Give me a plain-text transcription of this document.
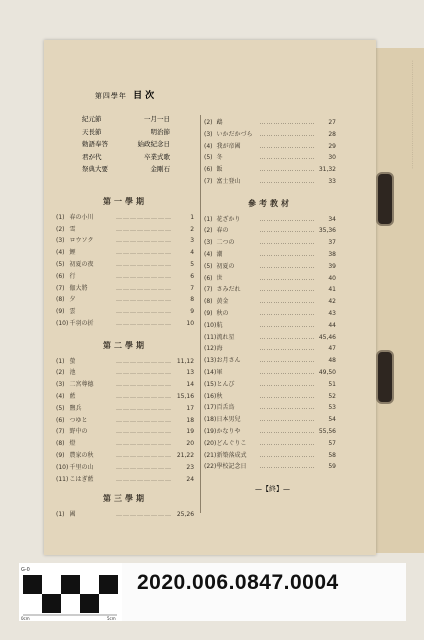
.................................................
第四學年 目次
紀元節	一月一日
天長節	明治節
勅語奉答	始政紀念日
君が代	卒業式歌
祭典大要	金剛石
第一學期
(1) 春の小川	……………………	1
(2) 雪	……………………	2
(3) ロウソク	……………………	3
(4) 鯉	……………………	4
(5) 初夏の夜	……………………	5
(6) 行	……………………	6
(7) 伽大將	……………………	7
(8) 夕	……………………	8
(9) 雲	……………………	9
(10) 千羽の折	……………………	10
第二學期
(1) 螢	…………………… 11,12
(2) 池	……………………	13
(3) 二宮尊德	……………………	14
(4) 藍	…………………… 15,16
(5) 鹽兵	……………………	17
(6) つゆと	……………………	18
(7) 野中の	……………………	19
(8) 燈	……………………	20
(9) 農家の秋	…………………… 21,22
(10) 千里の山	……………………	23
(11) こはぎ藍	……………………	24
第三學期
(1) 國	…………………… 25,26
(2) 鵡	……………………	27
(3) いかだかづら	……………………	28
(4) 我が帝國	……………………	29
(5) 冬	……………………	30
(6) 飯	…………………… 31,32
(7) 富士登山	……………………	33
參考教材
(1) 花ざかり	……………………	34
(2) 春の	…………………… 35,36
(3) 二つの	……………………	37
(4) 潮	……………………	38
(5) 初夏の	……………………	39
(6) 世	……………………	40
(7) さみだれ	……………………	41
(8) 黄金	……………………	42
(9) 秋の	……………………	43
(10) 航	……………………	44
(11) 流れ星	…………………… 45,46
(12) 海	……………………	47
(13) お月さん	……………………	48
(14) 軍	…………………… 49,50
(15) とんび	……………………	51
(16) 秋	……………………	52
(17) 百舌鳥	……………………	53
(18) 日本男兒	……………………	54
(19) かなりや	…………………… 55,56
(20) どんぐりこ	……………………	57
(21) 新築落成式	……………………	58
(22) 學校記念日	……………………	59
—【終】—
G-0
0cm	5cm
2020.006.0847.0004
